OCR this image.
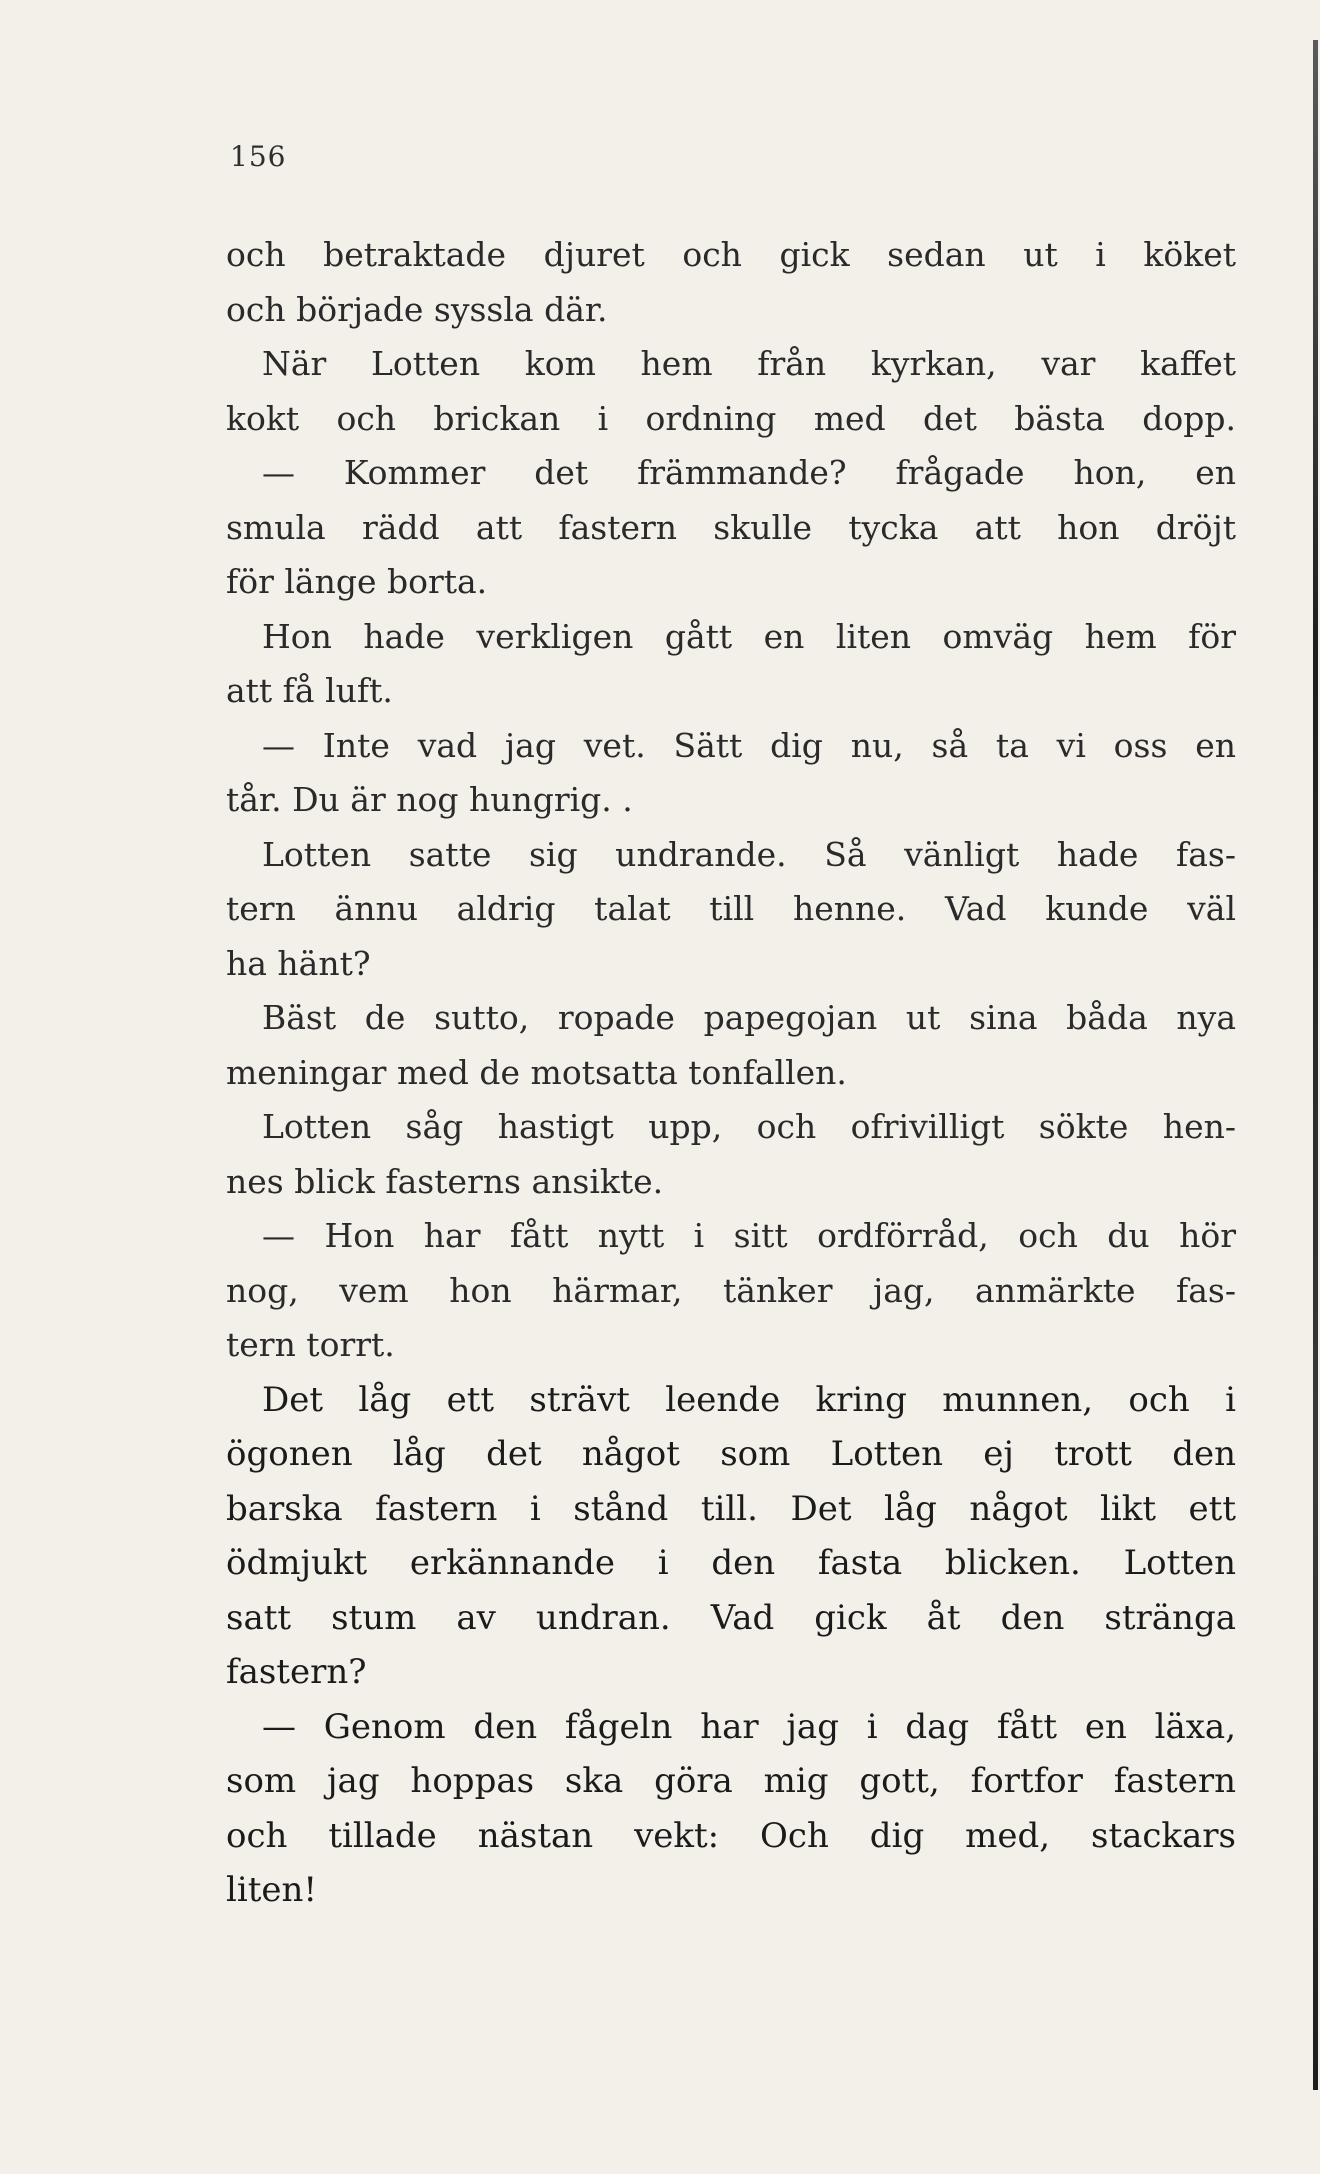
156
och betraktade djuret och gick sedan ut i köket
och började syssla där.
När Lotten kom hem från kyrkan, var kaffet
kokt och brickan i ordning med det bästa dopp.
— Kommer det främmande? frågade hon, en
smula rädd att fastern skulle tycka att hon dröjt
för länge borta.
Hon hade verkligen gått en liten omväg hem för
att få luft.
— Inte vad jag vet. Sätt dig nu, så ta vi oss en
tår. Du är nog hungrig. .
Lotten satte sig undrande. Så vänligt hade fas-
tern ännu aldrig talat till henne. Vad kunde väl
ha hänt?
Bäst de sutto, ropade papegojan ut sina båda nya
meningar med de motsatta tonfallen.
Lotten såg hastigt upp, och ofrivilligt sökte hen-
nes blick fasterns ansikte.
— Hon har fått nytt i sitt ordförråd, och du hör
nog, vem hon härmar, tänker jag, anmärkte fas-
tern torrt.
Det låg ett strävt leende kring munnen, och i
ögonen låg det något som Lotten ej trott den
barska fastern i stånd till. Det låg något likt ett
ödmjukt erkännande i den fasta blicken. Lotten
satt stum av undran. Vad gick åt den stränga
fastern?
— Genom den fågeln har jag i dag fått en läxa,
som jag hoppas ska göra mig gott, fortfor fastern
och tillade nästan vekt: Och dig med, stackars
liten!
